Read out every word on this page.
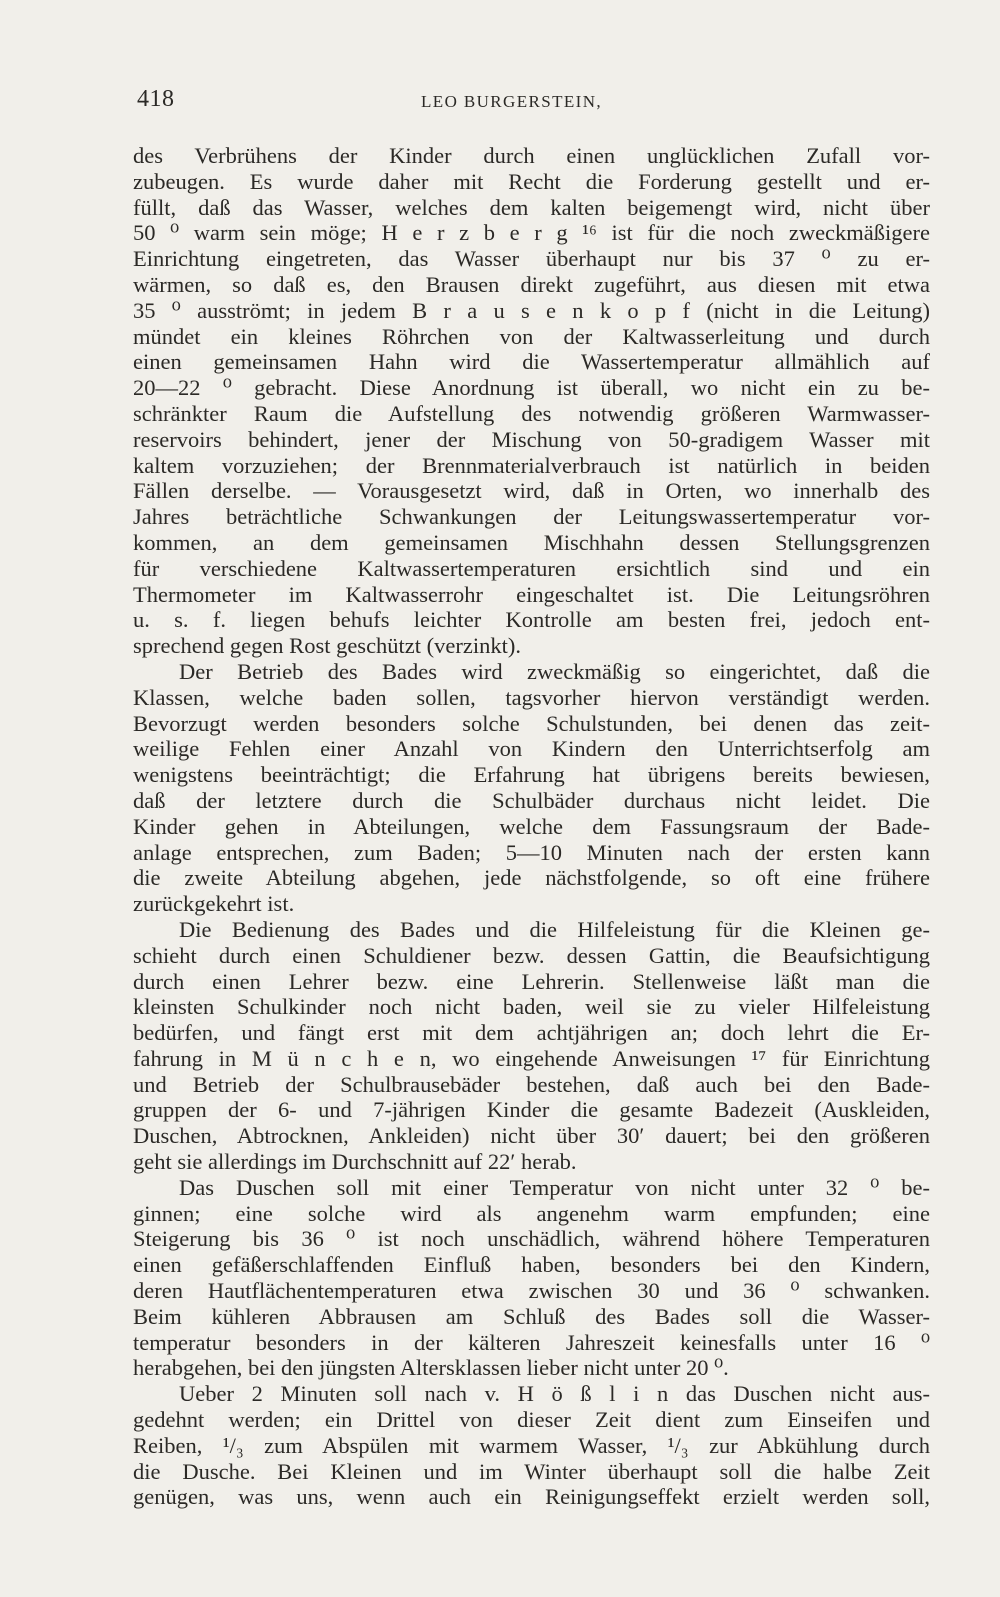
418	LEO BURGERSTEIN,
des Verbrühens der Kinder durch einen unglücklichen Zufall vor-
zubeugen. Es wurde daher mit Recht die Forderung gestellt und er-
füllt, daß das Wasser, welches dem kalten beigemengt wird, nicht über
50 ⁰ warm sein möge; H e r z b e r g ¹⁶ ist für die noch zweckmäßigere
Einrichtung eingetreten, das Wasser überhaupt nur bis 37 ⁰ zu er-
wärmen, so daß es, den Brausen direkt zugeführt, aus diesen mit etwa
35 ⁰ ausströmt; in jedem B r a u s e n k o p f (nicht in die Leitung)
mündet ein kleines Röhrchen von der Kaltwasserleitung und durch
einen gemeinsamen Hahn wird die Wassertemperatur allmählich auf
20—22 ⁰ gebracht. Diese Anordnung ist überall, wo nicht ein zu be-
schränkter Raum die Aufstellung des notwendig größeren Warmwasser-
reservoirs behindert, jener der Mischung von 50-gradigem Wasser mit
kaltem vorzuziehen; der Brennmaterialverbrauch ist natürlich in beiden
Fällen derselbe. — Vorausgesetzt wird, daß in Orten, wo innerhalb des
Jahres beträchtliche Schwankungen der Leitungswassertemperatur vor-
kommen, an dem gemeinsamen Mischhahn dessen Stellungsgrenzen
für verschiedene Kaltwassertemperaturen ersichtlich sind und ein
Thermometer im Kaltwasserrohr eingeschaltet ist. Die Leitungsröhren
u. s. f. liegen behufs leichter Kontrolle am besten frei, jedoch ent-
sprechend gegen Rost geschützt (verzinkt).
Der Betrieb des Bades wird zweckmäßig so eingerichtet, daß die
Klassen, welche baden sollen, tagsvorher hiervon verständigt werden.
Bevorzugt werden besonders solche Schulstunden, bei denen das zeit-
weilige Fehlen einer Anzahl von Kindern den Unterrichtserfolg am
wenigstens beeinträchtigt; die Erfahrung hat übrigens bereits bewiesen,
daß der letztere durch die Schulbäder durchaus nicht leidet. Die
Kinder gehen in Abteilungen, welche dem Fassungsraum der Bade-
anlage entsprechen, zum Baden; 5—10 Minuten nach der ersten kann
die zweite Abteilung abgehen, jede nächstfolgende, so oft eine frühere
zurückgekehrt ist.
Die Bedienung des Bades und die Hilfeleistung für die Kleinen ge-
schieht durch einen Schuldiener bezw. dessen Gattin, die Beaufsichtigung
durch einen Lehrer bezw. eine Lehrerin. Stellenweise läßt man die
kleinsten Schulkinder noch nicht baden, weil sie zu vieler Hilfeleistung
bedürfen, und fängt erst mit dem achtjährigen an; doch lehrt die Er-
fahrung in M ü n c h e n, wo eingehende Anweisungen ¹⁷ für Einrichtung
und Betrieb der Schulbrausebäder bestehen, daß auch bei den Bade-
gruppen der 6- und 7-jährigen Kinder die gesamte Badezeit (Auskleiden,
Duschen, Abtrocknen, Ankleiden) nicht über 30′ dauert; bei den größeren
geht sie allerdings im Durchschnitt auf 22′ herab.
Das Duschen soll mit einer Temperatur von nicht unter 32 ⁰ be-
ginnen; eine solche wird als angenehm warm empfunden; eine
Steigerung bis 36 ⁰ ist noch unschädlich, während höhere Temperaturen
einen gefäßerschlaffenden Einfluß haben, besonders bei den Kindern,
deren Hautflächentemperaturen etwa zwischen 30 und 36 ⁰ schwanken.
Beim kühleren Abbrausen am Schluß des Bades soll die Wasser-
temperatur besonders in der kälteren Jahreszeit keinesfalls unter 16 ⁰
herabgehen, bei den jüngsten Altersklassen lieber nicht unter 20 ⁰.
Ueber 2 Minuten soll nach v. H ö ß l i n das Duschen nicht aus-
gedehnt werden; ein Drittel von dieser Zeit dient zum Einseifen und
Reiben, ¹/₃ zum Abspülen mit warmem Wasser, ¹/₃ zur Abkühlung durch
die Dusche. Bei Kleinen und im Winter überhaupt soll die halbe Zeit
genügen, was uns, wenn auch ein Reinigungseffekt erzielt werden soll,
